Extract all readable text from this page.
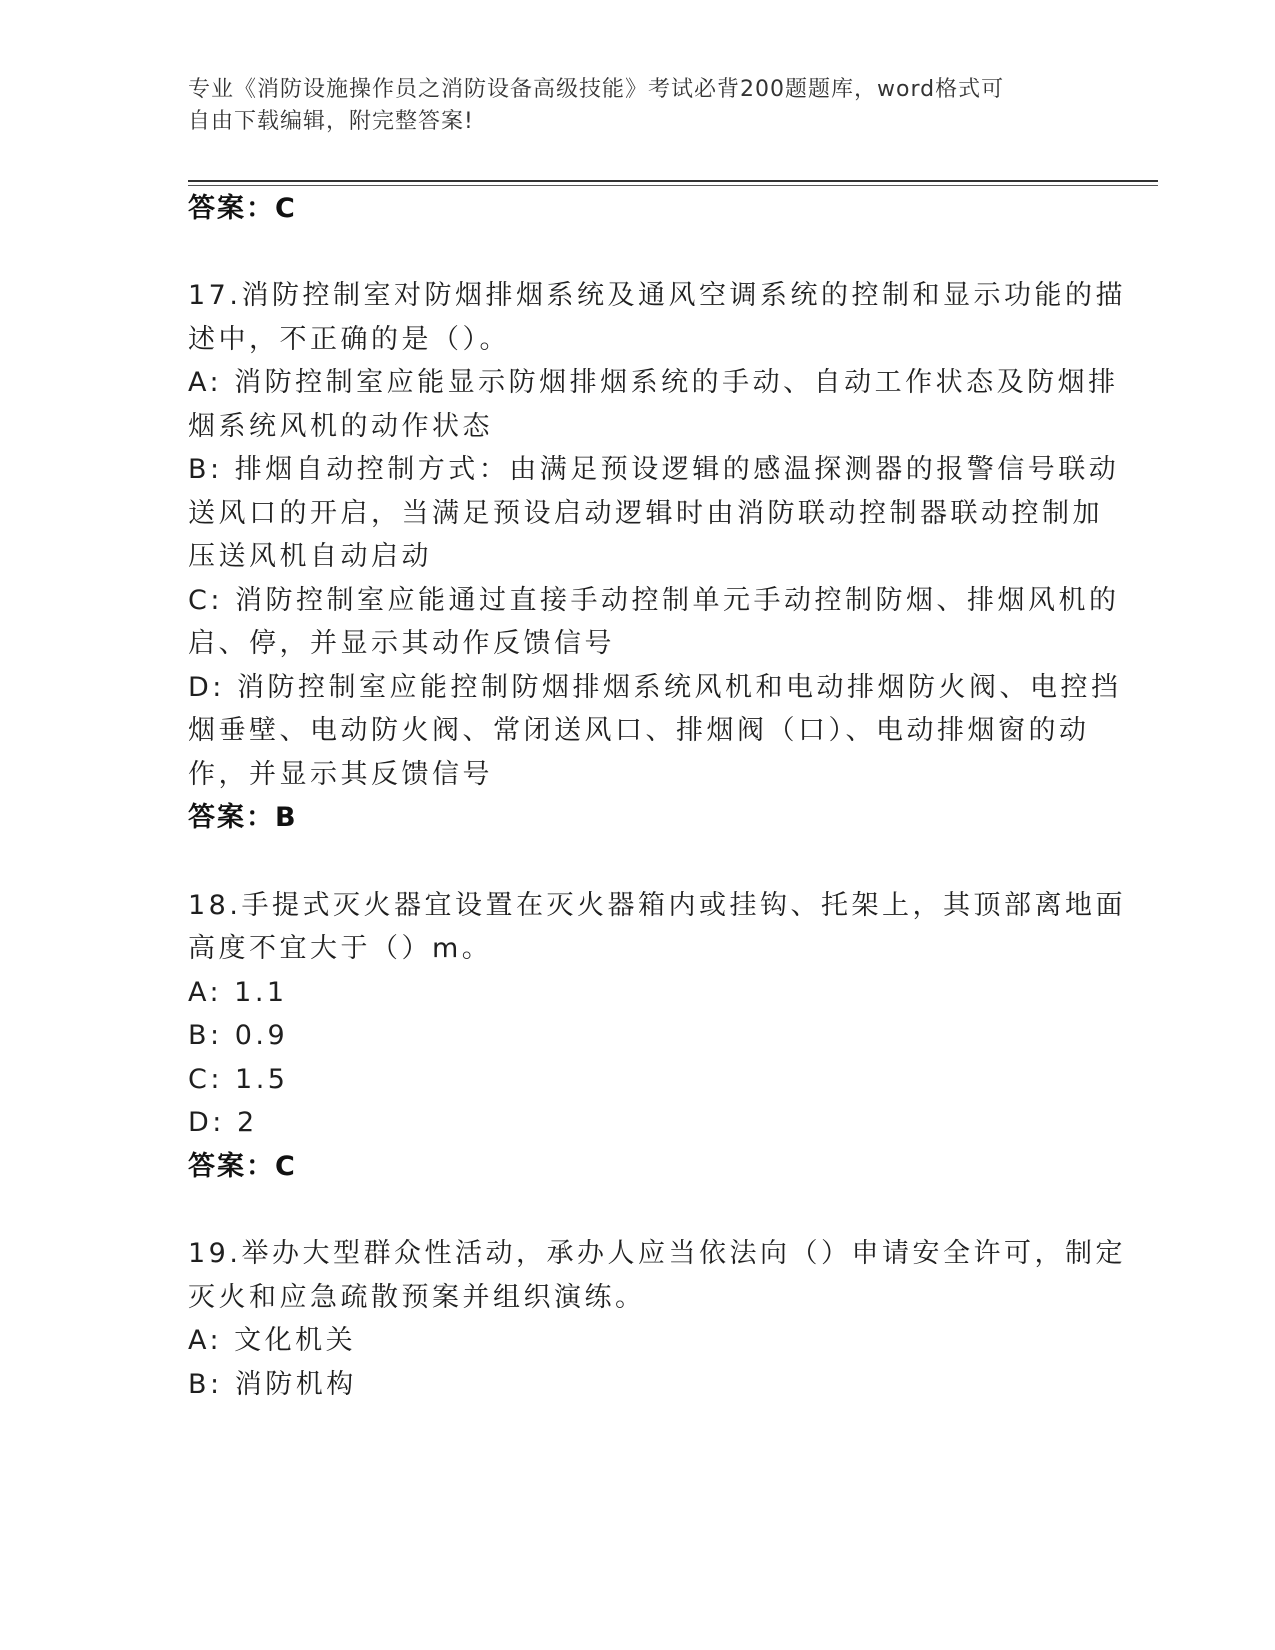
专业《消防设施操作员之消防设备高级技能》考试必背200题题库，word格式可

自由下载编辑，附完整答案!

答案：C
17.消防控制室对防烟排烟系统及通风空调系统的控制和显示功能的描
述中，不正确的是（）。
A: 消防控制室应能显示防烟排烟系统的手动、自动工作状态及防烟排
烟系统风机的动作状态
B: 排烟自动控制方式：由满足预设逻辑的感温探测器的报警信号联动
送风口的开启，当满足预设启动逻辑时由消防联动控制器联动控制加
压送风机自动启动
C: 消防控制室应能通过直接手动控制单元手动控制防烟、排烟风机的
启、停，并显示其动作反馈信号
D: 消防控制室应能控制防烟排烟系统风机和电动排烟防火阀、电控挡
烟垂壁、电动防火阀、常闭送风口、排烟阀（口）、电动排烟窗的动
作，并显示其反馈信号
答案：B
18.手提式灭火器宜设置在灭火器箱内或挂钩、托架上，其顶部离地面
高度不宜大于（）m。
A: 1.1
B: 0.9
C: 1.5
D: 2
答案：C
19.举办大型群众性活动，承办人应当依法向（）申请安全许可，制定
灭火和应急疏散预案并组织演练。
A: 文化机关
B: 消防机构
